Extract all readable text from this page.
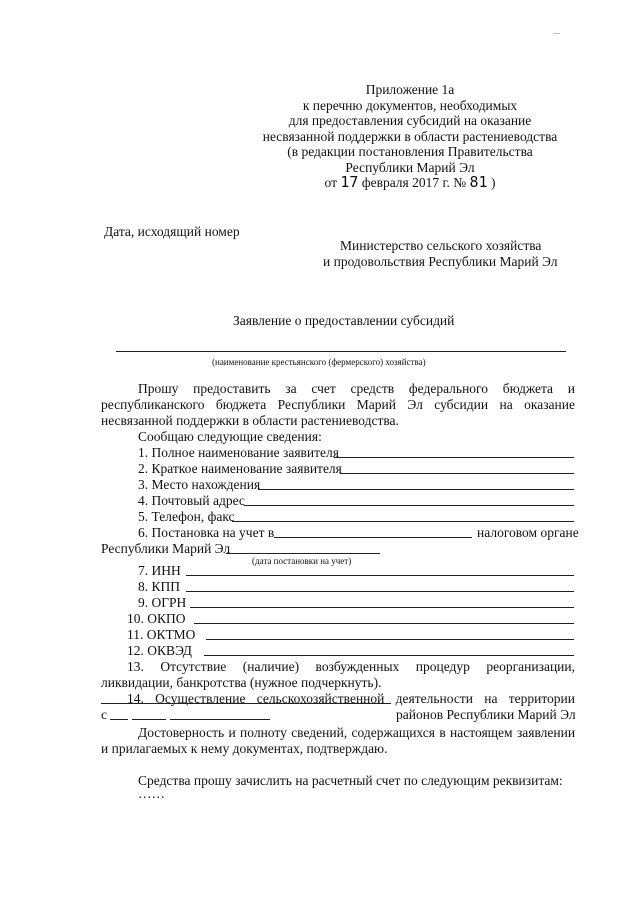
Приложение 1а
к перечню документов, необходимых
для предоставления субсидий на оказание
несвязанной поддержки в области растениеводства
(в редакции постановления Правительства
Республики Марий Эл
от 17 февраля 2017 г. № 81 )
Дата, исходящий номер
Министерство сельского хозяйства
и продовольствия Республики Марий Эл
Заявление о предоставлении субсидий
(наименование крестьянского (фермерского) хозяйства)
Прошу предоставить за счет средств федерального бюджета и
республиканского бюджета Республики Марий Эл субсидии на оказание
несвязанной поддержки в области растениеводства.
Сообщаю следующие сведения:
1. Полное наименование заявителя
2. Краткое наименование заявителя
3. Место нахождения
4. Почтовый адрес
5. Телефон, факс
6. Постановка на учет в	налоговом органе
Республики Марий Эл
(дата постановки на учет)
7. ИНН
8. КПП
9. ОГРН
10. ОКПО
11. ОКТМО
12. ОКВЭД
13. Отсутствие (наличие) возбужденных процедур реорганизации,
ликвидации, банкротства (нужное подчеркнуть).
14. Осуществление сельскохозяйственной деятельности на территории
районов Республики Марий Эл
с
Достоверность и полноту сведений, содержащихся в настоящем заявлении
и прилагаемых к нему документах, подтверждаю.
Средства прошу зачислить на расчетный счет по следующим реквизитам:
……
